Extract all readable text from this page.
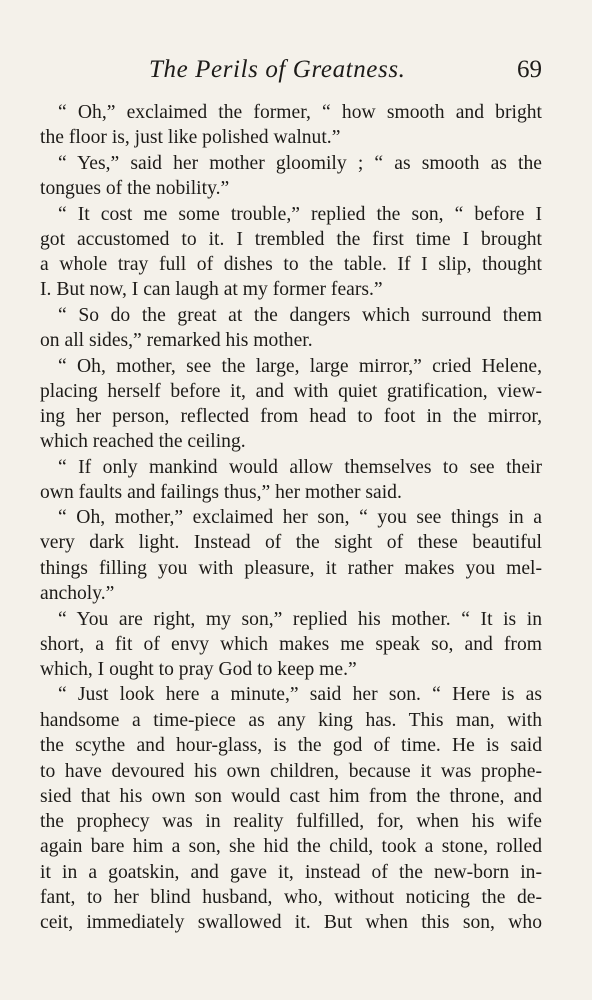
The Perils of Greatness.	69
“ Oh,” exclaimed the former, “ how smooth and bright
the floor is, just like polished walnut.”
“ Yes,” said her mother gloomily ; “ as smooth as the
tongues of the nobility.”
“ It cost me some trouble,” replied the son, “ before I
got accustomed to it. I trembled the first time I brought
a whole tray full of dishes to the table. If I slip, thought
I. But now, I can laugh at my former fears.”
“ So do the great at the dangers which surround them
on all sides,” remarked his mother.
“ Oh, mother, see the large, large mirror,” cried Helene,
placing herself before it, and with quiet gratification, view-
ing her person, reflected from head to foot in the mirror,
which reached the ceiling.
“ If only mankind would allow themselves to see their
own faults and failings thus,” her mother said.
“ Oh, mother,” exclaimed her son, “ you see things in a
very dark light. Instead of the sight of these beautiful
things filling you with pleasure, it rather makes you mel-
ancholy.”
“ You are right, my son,” replied his mother. “ It is in
short, a fit of envy which makes me speak so, and from
which, I ought to pray God to keep me.”
“ Just look here a minute,” said her son. “ Here is as
handsome a time-piece as any king has. This man, with
the scythe and hour-glass, is the god of time. He is said
to have devoured his own children, because it was prophe-
sied that his own son would cast him from the throne, and
the prophecy was in reality fulfilled, for, when his wife
again bare him a son, she hid the child, took a stone, rolled
it in a goatskin, and gave it, instead of the new-born in-
fant, to her blind husband, who, without noticing the de-
ceit, immediately swallowed it. But when this son, who
